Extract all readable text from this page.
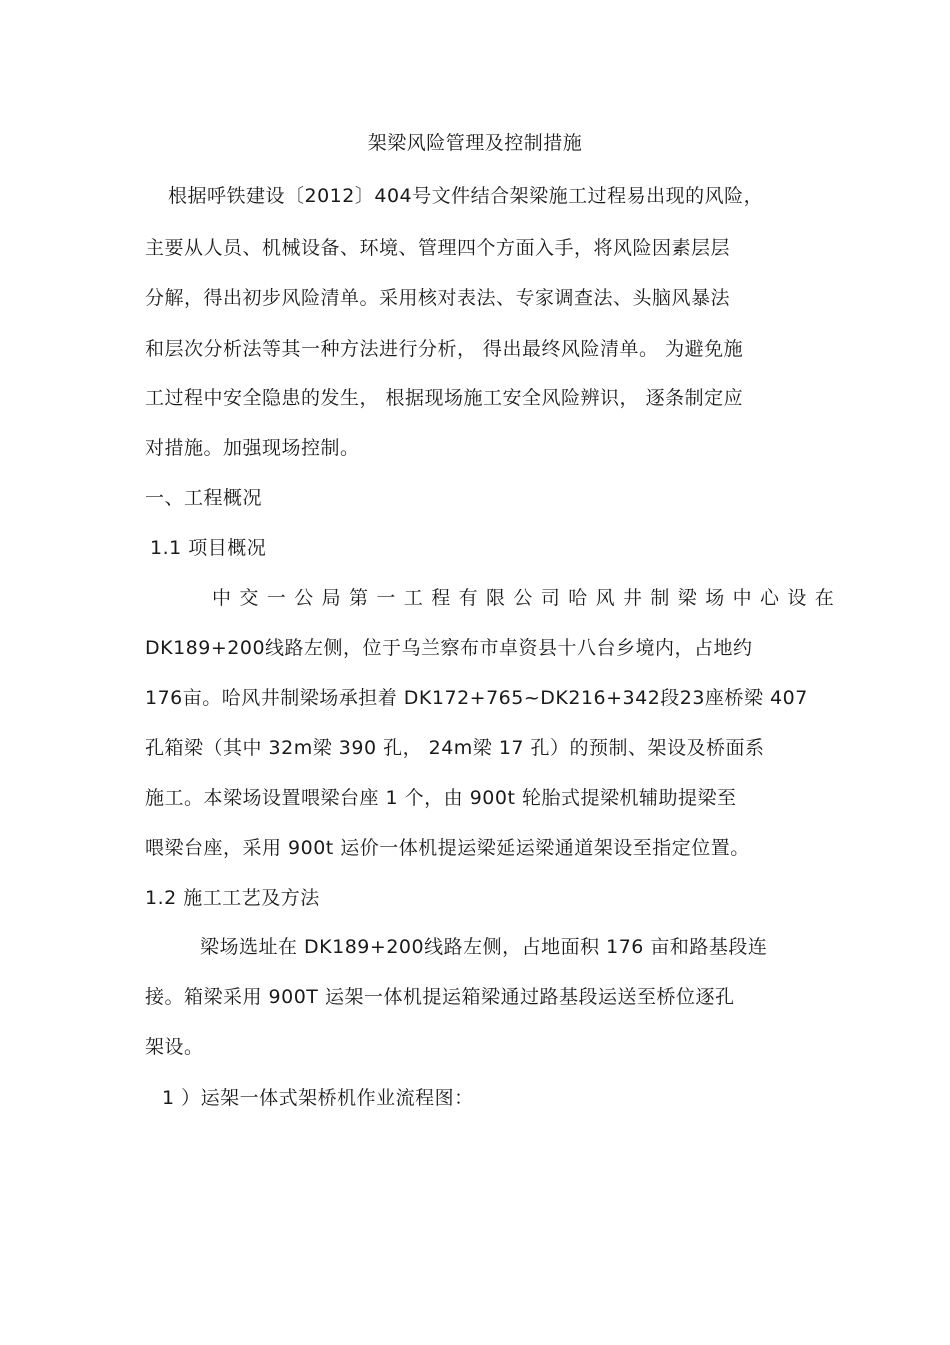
架梁风险管理及控制措施
根据呼铁建设〔2012〕404号文件结合架梁施工过程易出现的风险，
主要从人员、机械设备、环境、管理四个方面入手，将风险因素层层
分解，得出初步风险清单。采用核对表法、专家调查法、头脑风暴法
和层次分析法等其一种方法进行分析， 得出最终风险清单。 为避免施
工过程中安全隐患的发生， 根据现场施工安全风险辨识， 逐条制定应
对措施。加强现场控制。
一、工程概况
1.1 项目概况
中交一公局第一工程有限公司哈风井制梁场中心设在
DK189+200线路左侧，位于乌兰察布市卓资县十八台乡境内，占地约
176亩。哈风井制梁场承担着 DK172+765~DK216+342段23座桥梁 407
孔箱梁（其中 32m梁 390 孔， 24m梁 17 孔）的预制、架设及桥面系
施工。本梁场设置喂梁台座 1 个，由 900t 轮胎式提梁机辅助提梁至
喂梁台座，采用 900t 运价一体机提运梁延运梁通道架设至指定位置。
1.2 施工工艺及方法
梁场选址在 DK189+200线路左侧，占地面积 176 亩和路基段连
接。箱梁采用 900T 运架一体机提运箱梁通过路基段运送至桥位逐孔
架设。
1 ）运架一体式架桥机作业流程图：
